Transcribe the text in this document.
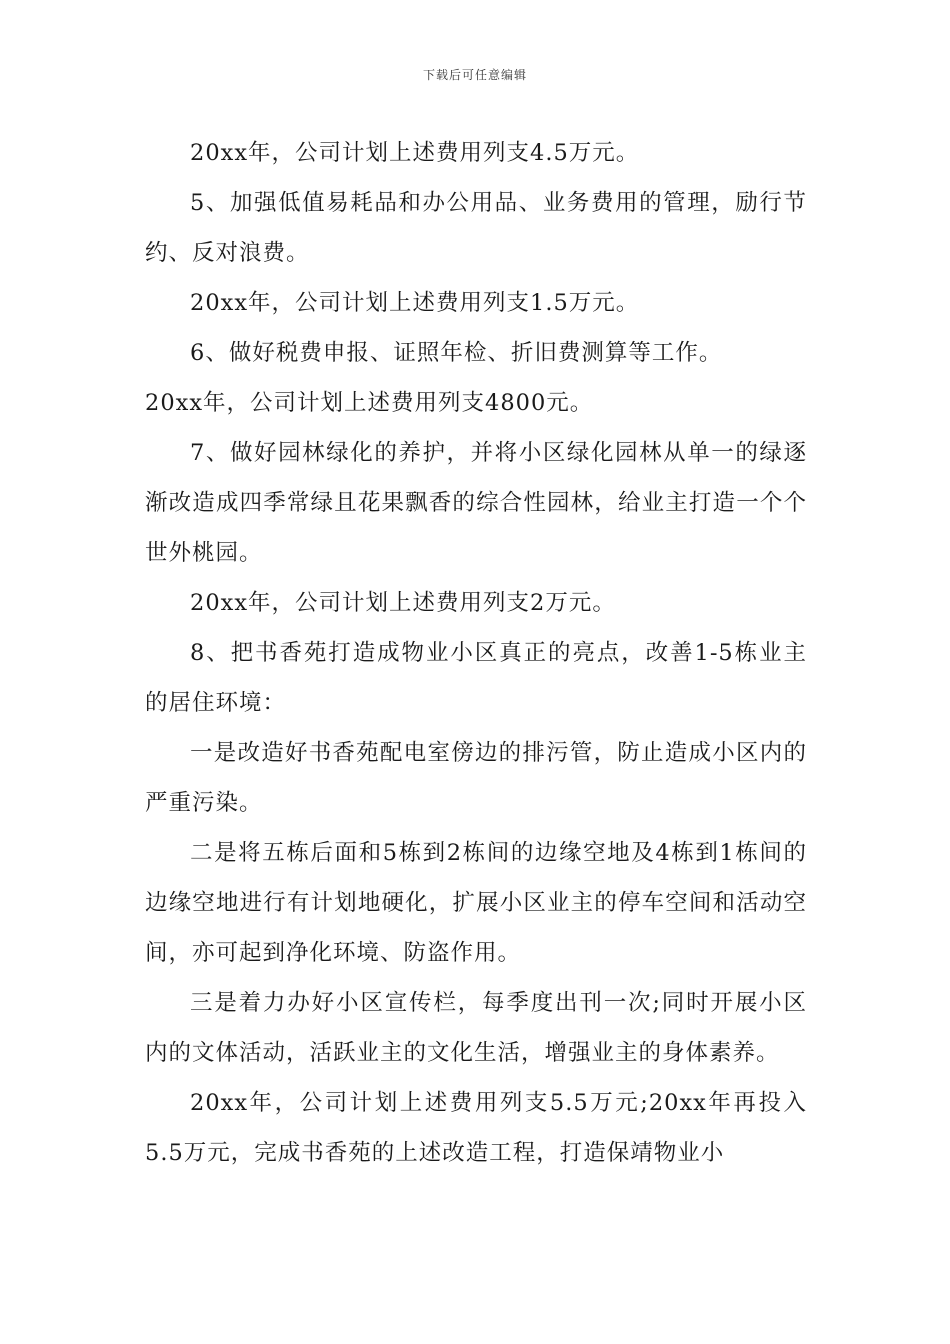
下载后可任意编辑

20xx年，公司计划上述费用列支4.5万元。

5、加强低值易耗品和办公用品、业务费用的管理，励行节约、反对浪费。

20xx年，公司计划上述费用列支1.5万元。

6、做好税费申报、证照年检、折旧费测算等工作。

20xx年，公司计划上述费用列支4800元。

7、做好园林绿化的养护，并将小区绿化园林从单一的绿逐渐改造成四季常绿且花果飘香的综合性园林，给业主打造一个个世外桃园。

20xx年，公司计划上述费用列支2万元。

8、把书香苑打造成物业小区真正的亮点，改善1-5栋业主的居住环境：

一是改造好书香苑配电室傍边的排污管，防止造成小区内的严重污染。

二是将五栋后面和5栋到2栋间的边缘空地及4栋到1栋间的边缘空地进行有计划地硬化，扩展小区业主的停车空间和活动空间，亦可起到净化环境、防盗作用。

三是着力办好小区宣传栏，每季度出刊一次;同时开展小区内的文体活动，活跃业主的文化生活，增强业主的身体素养。

20xx年，公司计划上述费用列支5.5万元;20xx年再投入5.5万元，完成书香苑的上述改造工程，打造保靖物业小
